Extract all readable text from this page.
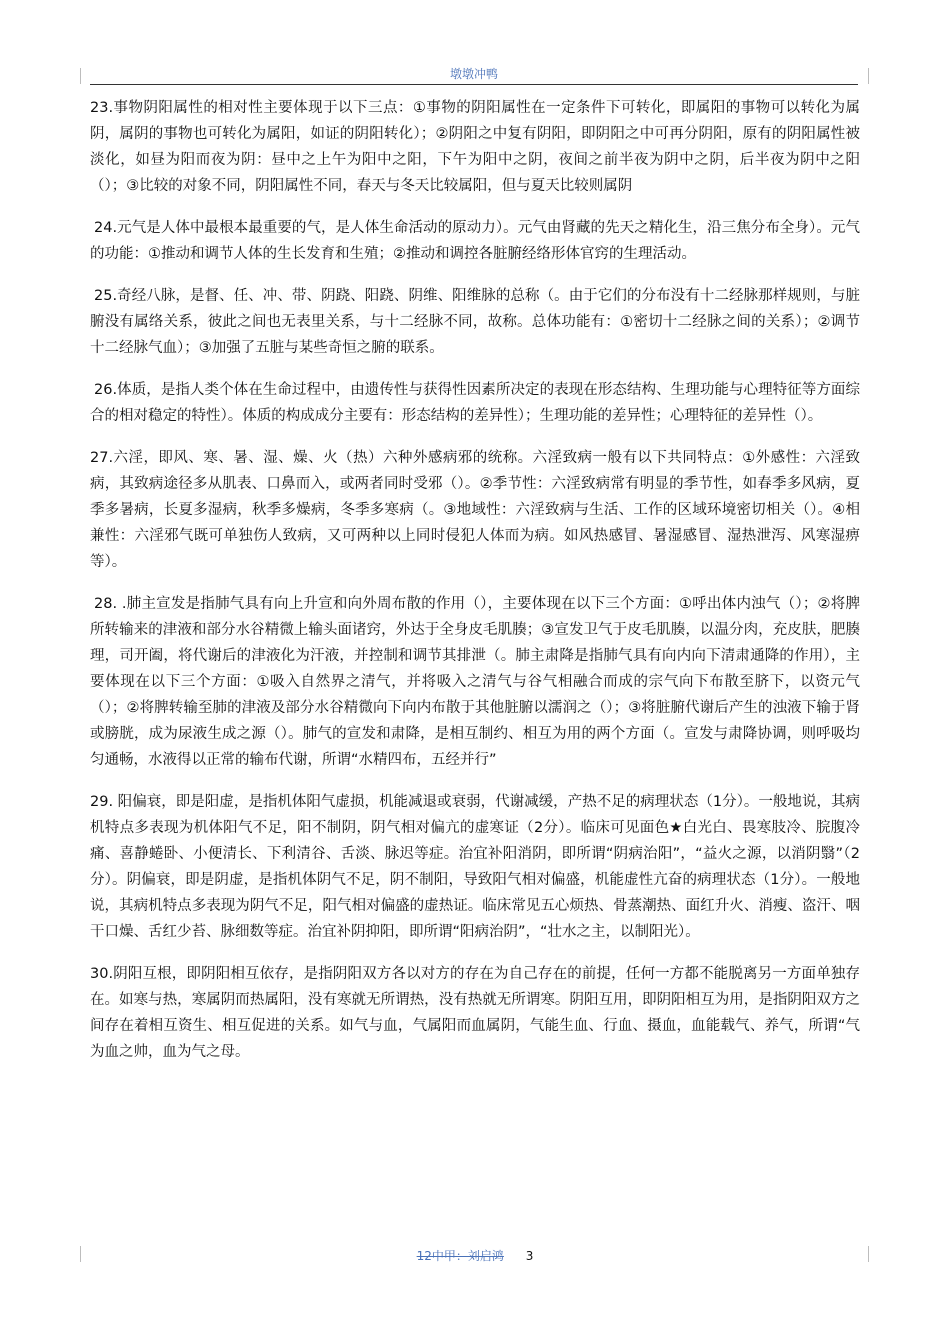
墩墩冲鸭

23.事物阴阳属性的相对性主要体现于以下三点：①事物的阴阳属性在一定条件下可转化，即属阳的事物可以转化为属阴，属阴的事物也可转化为属阳，如证的阴阳转化）；②阴阳之中复有阴阳，即阴阳之中可再分阴阳，原有的阴阳属性被淡化，如昼为阳而夜为阴：昼中之上午为阳中之阳，下午为阳中之阴，夜间之前半夜为阴中之阴，后半夜为阴中之阳（）；③比较的对象不同，阴阳属性不同，春天与冬天比较属阳，但与夏天比较则属阴

24.元气是人体中最根本最重要的气，是人体生命活动的原动力）。元气由肾藏的先天之精化生，沿三焦分布全身）。元气的功能：①推动和调节人体的生长发育和生殖；②推动和调控各脏腑经络形体官窍的生理活动。

25.奇经八脉，是督、任、冲、带、阴跷、阳跷、阴维、阳维脉的总称（。由于它们的分布没有十二经脉那样规则，与脏腑没有属络关系，彼此之间也无表里关系，与十二经脉不同，故称。总体功能有：①密切十二经脉之间的关系）；②调节十二经脉气血）；③加强了五脏与某些奇恒之腑的联系。

26.体质，是指人类个体在生命过程中，由遗传性与获得性因素所决定的表现在形态结构、生理功能与心理特征等方面综合的相对稳定的特性）。体质的构成成分主要有：形态结构的差异性）；生理功能的差异性；心理特征的差异性（）。

27.六淫，即风、寒、暑、湿、燥、火（热）六种外感病邪的统称。六淫致病一般有以下共同特点：①外感性：六淫致病，其致病途径多从肌表、口鼻而入，或两者同时受邪（）。②季节性：六淫致病常有明显的季节性，如春季多风病，夏季多暑病，长夏多湿病，秋季多燥病，冬季多寒病（。③地域性：六淫致病与生活、工作的区域环境密切相关（）。④相兼性：六淫邪气既可单独伤人致病，又可两种以上同时侵犯人体而为病。如风热感冒、暑湿感冒、湿热泄泻、风寒湿痹等）。

28. .肺主宣发是指肺气具有向上升宣和向外周布散的作用（），主要体现在以下三个方面：①呼出体内浊气（）；②将脾所转输来的津液和部分水谷精微上输头面诸窍，外达于全身皮毛肌腠；③宣发卫气于皮毛肌腠，以温分肉，充皮肤，肥腠理，司开阖，将代谢后的津液化为汗液，并控制和调节其排泄（。肺主肃降是指肺气具有向内向下清肃通降的作用），主要体现在以下三个方面：①吸入自然界之清气，并将吸入之清气与谷气相融合而成的宗气向下布散至脐下，以资元气（）；②将脾转输至肺的津液及部分水谷精微向下向内布散于其他脏腑以濡润之（）；③将脏腑代谢后产生的浊液下输于肾或膀胱，成为尿液生成之源（）。肺气的宣发和肃降，是相互制约、相互为用的两个方面（。宣发与肃降协调，则呼吸均匀通畅，水液得以正常的输布代谢，所谓“水精四布，五经并行”

29. 阳偏衰，即是阳虚，是指机体阳气虚损，机能减退或衰弱，代谢减缓，产热不足的病理状态（1分）。一般地说，其病机特点多表现为机体阳气不足，阳不制阴，阴气相对偏亢的虚寒证（2分）。临床可见面色★白光白、畏寒肢冷、脘腹冷痛、喜静蜷卧、小便清长、下利清谷、舌淡、脉迟等症。治宜补阳消阴，即所谓“阴病治阳”，“益火之源，以消阴翳”（2分）。阴偏衰，即是阴虚，是指机体阴气不足，阴不制阳，导致阳气相对偏盛，机能虚性亢奋的病理状态（1分）。一般地说，其病机特点多表现为阴气不足，阳气相对偏盛的虚热证。临床常见五心烦热、骨蒸潮热、面红升火、消瘦、盗汗、咽干口燥、舌红少苔、脉细数等症。治宜补阴抑阳，即所谓“阳病治阴”，“壮水之主，以制阳光）。

30.阴阳互根，即阴阳相互依存，是指阴阳双方各以对方的存在为自己存在的前提，任何一方都不能脱离另一方面单独存在。如寒与热，寒属阴而热属阳，没有寒就无所谓热，没有热就无所谓寒。阴阳互用，即阴阳相互为用，是指阴阳双方之间存在着相互资生、相互促进的关系。如气与血，气属阳而血属阴，气能生血、行血、摄血，血能载气、养气，所谓“气为血之帅，血为气之母。

12中甲：刘启鸿 3
